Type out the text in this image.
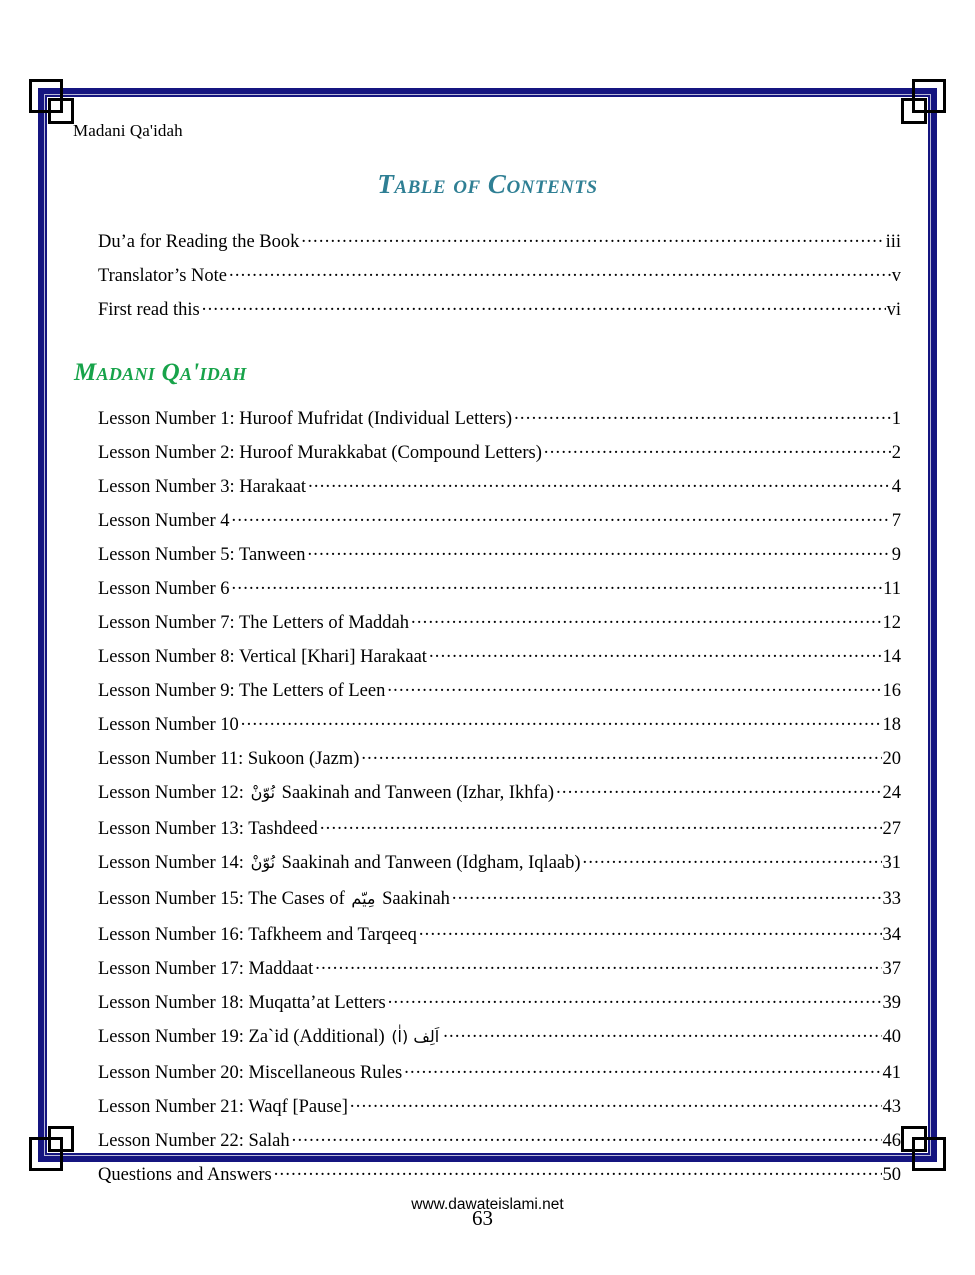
Madani Qa'idah
Table of Contents
Du’a for Reading the Book .....	iii
Translator’s Note .....	v
First read this .....	vi
Madani Qa'idah
Lesson Number 1: Huroof Mufridat (Individual Letters) .....	1
Lesson Number 2: Huroof Murakkabat (Compound Letters) .....	2
Lesson Number 3: Harakaat .....	4
Lesson Number 4 .....	7
Lesson Number 5: Tanween .....	9
Lesson Number 6 .....	11
Lesson Number 7: The Letters of Maddah .....	12
Lesson Number 8: Vertical [Khari] Harakaat .....	14
Lesson Number 9: The Letters of Leen .....	16
Lesson Number 10 .....	18
Lesson Number 11: Sukoon (Jazm) .....	20
Lesson Number 12: نُوّنْ Saakinah and Tanween (Izhar, Ikhfa) .....	24
Lesson Number 13: Tashdeed .....	27
Lesson Number 14: نُوّنْ Saakinah and Tanween (Idgham, Iqlaab) .....	31
Lesson Number 15: The Cases of مِيّم Saakinah .....	33
Lesson Number 16: Tafkheem and Tarqeeq .....	34
Lesson Number 17: Maddaat .....	37
Lesson Number 18: Muqatta’at Letters .....	39
Lesson Number 19: Za`id (Additional) اَلِف (اٰ) .....	40
Lesson Number 20: Miscellaneous Rules .....	41
Lesson Number 21: Waqf [Pause] .....	43
Lesson Number 22: Salah .....	46
Questions and Answers .....	50
63
www.dawateislami.net
